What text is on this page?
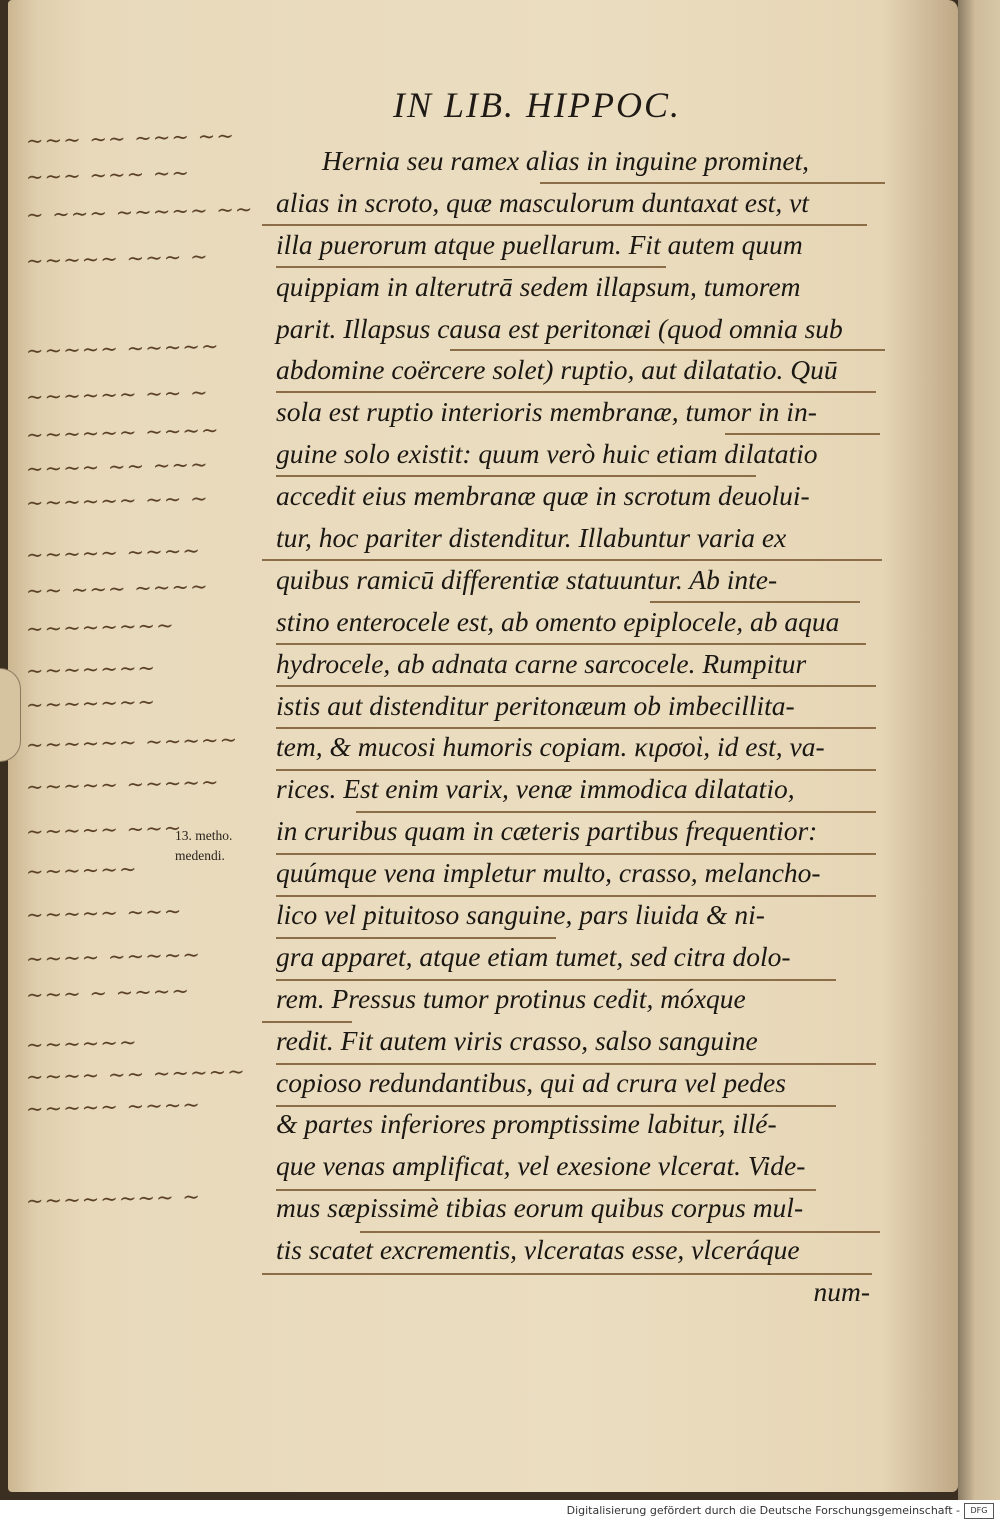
IN LIB. HIPPOC.
Hernia seu ramex alias in inguine prominet,
alias in scroto, quæ masculorum duntaxat est, vt
illa puerorum atque puellarum. Fit autem quum
quippiam in alterutrā sedem illapsum, tumorem
parit. Illapsus causa est peritonæi (quod omnia sub
abdomine coërcere solet) ruptio, aut dilatatio. Quū
sola est ruptio interioris membranæ, tumor in in-
guine solo existit: quum verò huic etiam dilatatio
accedit eius membranæ quæ in scrotum deuolui-
tur, hoc pariter distenditur. Illabuntur varia ex
quibus ramicū differentiæ statuuntur. Ab inte-
stino enterocele est, ab omento epiplocele, ab aqua
hydrocele, ab adnata carne sarcocele. Rumpitur
istis aut distenditur peritonæum ob imbecillita-
tem, & mucosi humoris copiam. κιρσοὶ, id est, va-
rices. Est enim varix, venæ immodica dilatatio,
in cruribus quam in cæteris partibus frequentior:
quúmque vena impletur multo, crasso, melancho-
lico vel pituitoso sanguine, pars liuida & ni-
gra apparet, atque etiam tumet, sed citra dolo-
rem. Pressus tumor protinus cedit, móxque
redit. Fit autem viris crasso, salso sanguine
copioso redundantibus, qui ad crura vel pedes
& partes inferiores promptissime labitur, illé-
que venas amplificat, vel exesione vlcerat. Vide-
mus sæpissimè tibias eorum quibus corpus mul-
tis scatet excrementis, vlceratas esse, vlceráque
num-
~~~ ~~ ~~~ ~~
~~~ ~~~ ~~
~ ~~~ ~~~~~ ~~
~~~~~ ~~~ ~
~~~~~ ~~~~~
~~~~~~ ~~ ~
~~~~~~ ~~~~
~~~~ ~~ ~~~
~~~~~~ ~~ ~
~~~~~ ~~~~
~~ ~~~ ~~~~
~~~~~~~~
~~~~~~~
~~~~~~~
~~~~~~ ~~~~~
~~~~~ ~~~~~
~~~~~ ~~~
~~~~~~
~~~~~ ~~~
~~~~ ~~~~~
~~~ ~ ~~~~
~~~~~~
~~~~ ~~ ~~~~~
~~~~~ ~~~~
~~~~~~~~ ~
13. metho.
medendi.
Digitalisierung gefördert durch die Deutsche Forschungsgemeinschaft -	DFG
